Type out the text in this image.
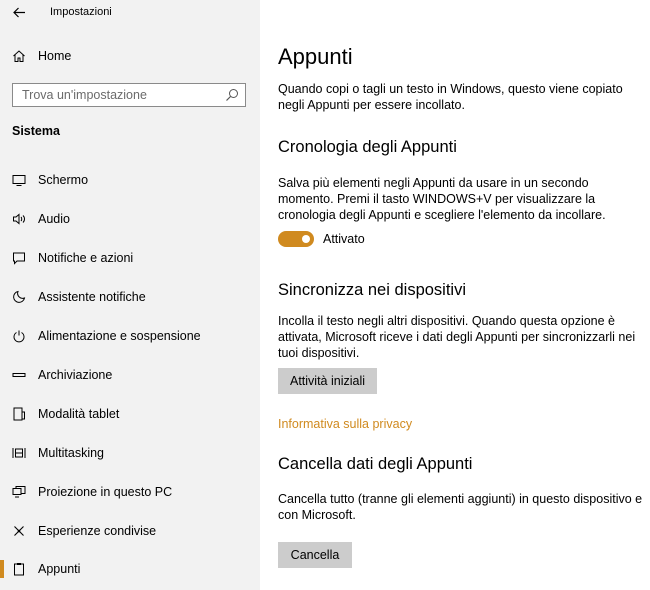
Impostazioni
Home
Trova un'impostazione
Sistema
Schermo
Audio
Notifiche e azioni
Assistente notifiche
Alimentazione e sospensione
Archiviazione
Modalità tablet
Multitasking
Proiezione in questo PC
Esperienze condivise
Appunti
Appunti
Quando copi o tagli un testo in Windows, questo viene copiato negli Appunti per essere incollato.
Cronologia degli Appunti
Salva più elementi negli Appunti da usare in un secondo momento. Premi il tasto WINDOWS+V per visualizzare la cronologia degli Appunti e scegliere l'elemento da incollare.
Attivato
Sincronizza nei dispositivi
Incolla il testo negli altri dispositivi. Quando questa opzione è attivata, Microsoft riceve i dati degli Appunti per sincronizzarli nei tuoi dispositivi.
Attività iniziali
Informativa sulla privacy
Cancella dati degli Appunti
Cancella tutto (tranne gli elementi aggiunti) in questo dispositivo e con Microsoft.
Cancella
